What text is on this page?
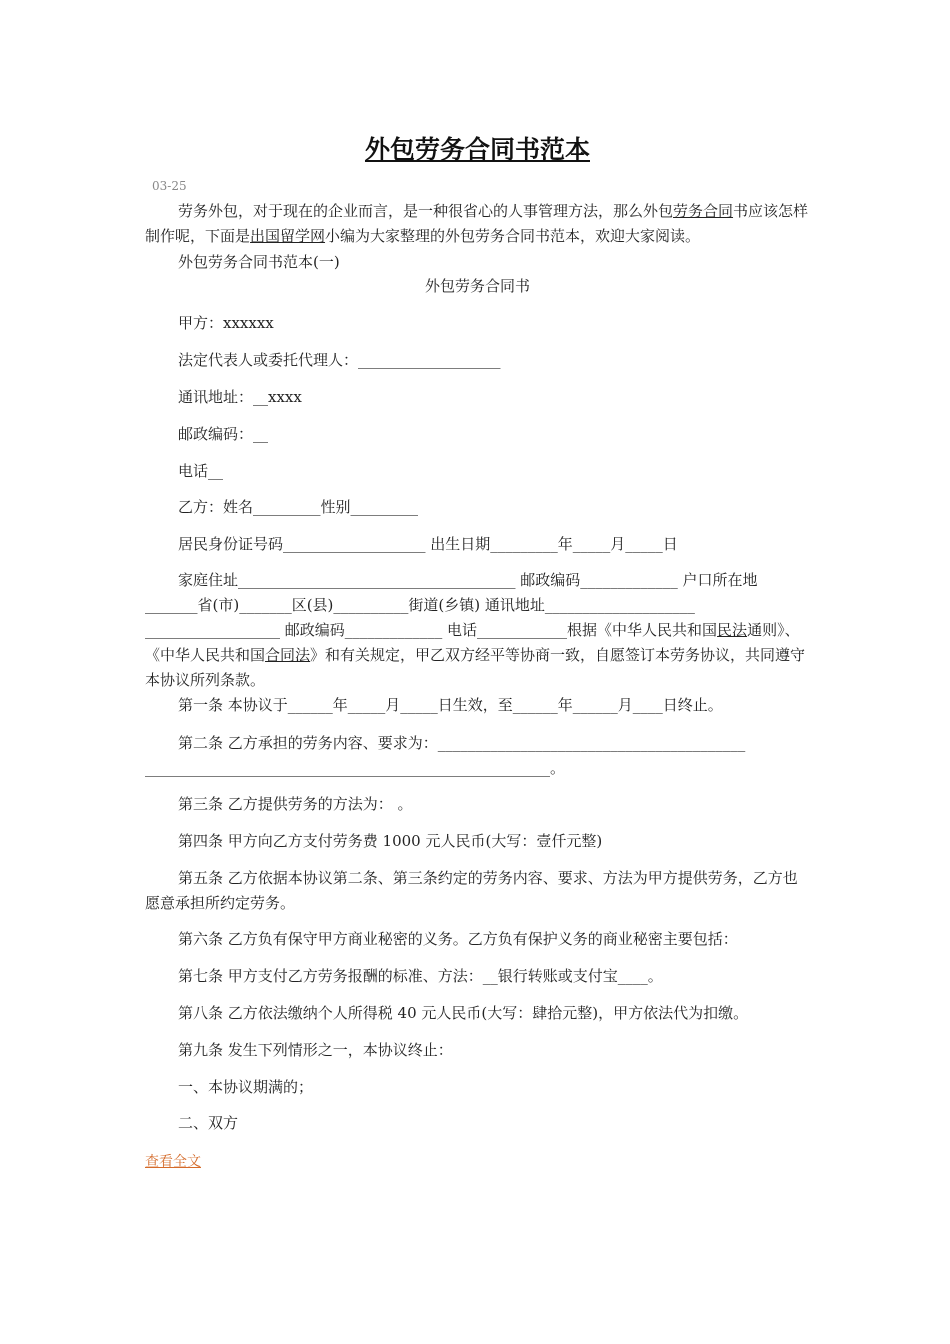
外包劳务合同书范本
03-25
劳务外包，对于现在的企业而言，是一种很省心的人事管理方法，那么外包劳务合同书应该怎样制作呢，下面是出国留学网小编为大家整理的外包劳务合同书范本，欢迎大家阅读。
外包劳务合同书范本(一)
外包劳务合同书
甲方：xxxxxx
法定代表人或委托代理人：___________________
通讯地址：__xxxx
邮政编码：__
电话__
乙方：姓名_________性别_________
居民身份证号码___________________ 出生日期_________年_____月_____日
家庭住址_____________________________________ 邮政编码_____________ 户口所在地_______省(市)_______区(县)__________街道(乡镇) 通讯地址____________________ __________________ 邮政编码_____________ 电话____________根据《中华人民共和国民法通则》、《中华人民共和国合同法》和有关规定，甲乙双方经平等协商一致，自愿签订本劳务协议，共同遵守本协议所列条款。
第一条 本协议于______年_____月_____日生效，至______年______月____日终止。
第二条 乙方承担的劳务内容、要求为：_________________________________________ ______________________________________________________。
第三条 乙方提供劳务的方法为： 。
第四条 甲方向乙方支付劳务费 1000 元人民币(大写：壹仟元整)
第五条 乙方依据本协议第二条、第三条约定的劳务内容、要求、方法为甲方提供劳务，乙方也愿意承担所约定劳务。
第六条 乙方负有保守甲方商业秘密的义务。乙方负有保护义务的商业秘密主要包括：
第七条 甲方支付乙方劳务报酬的标准、方法：__银行转账或支付宝____。
第八条 乙方依法缴纳个人所得税 40 元人民币(大写：肆拾元整)，甲方依法代为扣缴。
第九条 发生下列情形之一，本协议终止：
一、本协议期满的；
二、双方
查看全文
